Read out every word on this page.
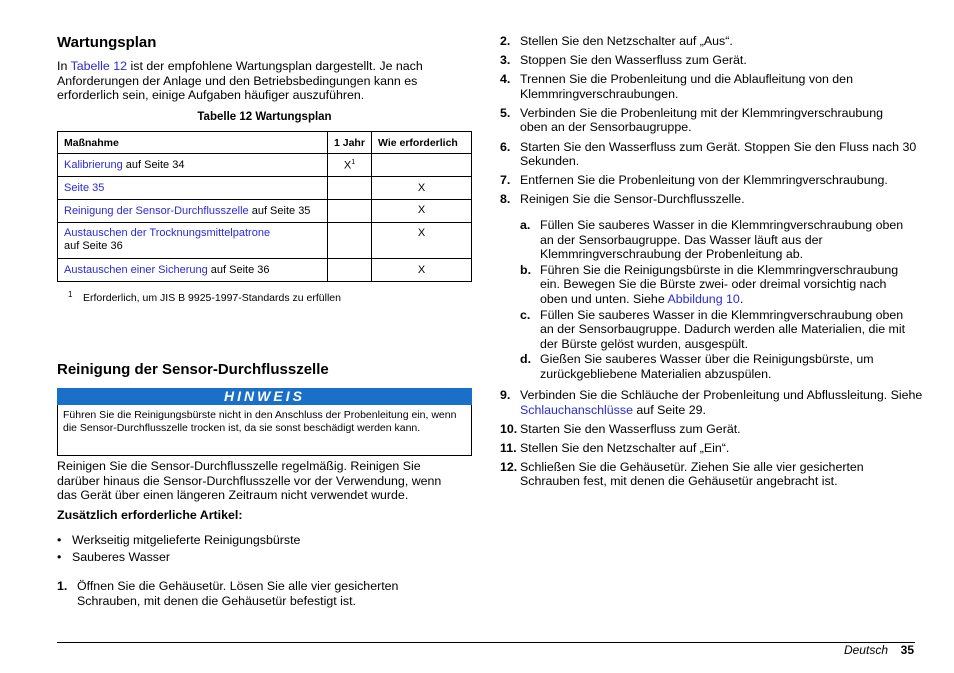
Wartungsplan
In Tabelle 12 ist der empfohlene Wartungsplan dargestellt. Je nach Anforderungen der Anlage und den Betriebsbedingungen kann es erforderlich sein, einige Aufgaben häufiger auszuführen.
Tabelle 12 Wartungsplan
Maßnahme	1 Jahr	Wie erforderlich
Kalibrierung auf Seite 34	$X^1$	
Seite 35		X
Reinigung der Sensor-Durchflusszelle auf Seite 35		X
Austauschen der Trocknungsmittelpatrone
auf Seite 36		X
Austauschen einer Sicherung auf Seite 36		X
1 Erforderlich, um JIS B 9925-1997-Standards zu erfüllen
Reinigung der Sensor-Durchflusszelle
HINWEIS
Führen Sie die Reinigungsbürste nicht in den Anschluss der Probenleitung ein, wenn die Sensor-Durchflusszelle trocken ist, da sie sonst beschädigt werden kann.
Reinigen Sie die Sensor-Durchflusszelle regelmäßig. Reinigen Sie darüber hinaus die Sensor-Durchflusszelle vor der Verwendung, wenn das Gerät über einen längeren Zeitraum nicht verwendet wurde.
Zusätzlich erforderliche Artikel:
• Werkseitig mitgelieferte Reinigungsbürste
• Sauberes Wasser
1. Öffnen Sie die Gehäusetür. Lösen Sie alle vier gesicherten Schrauben, mit denen die Gehäusetür befestigt ist.
2. Stellen Sie den Netzschalter auf „Aus“.
3. Stoppen Sie den Wasserfluss zum Gerät.
4. Trennen Sie die Probenleitung und die Ablaufleitung von den Klemmringverschraubungen.
5. Verbinden Sie die Probenleitung mit der Klemmringverschraubung oben an der Sensorbaugruppe.
6. Starten Sie den Wasserfluss zum Gerät. Stoppen Sie den Fluss nach 30 Sekunden.
7. Entfernen Sie die Probenleitung von der Klemmringverschraubung.
8. Reinigen Sie die Sensor-Durchflusszelle.
a. Füllen Sie sauberes Wasser in die Klemmringverschraubung oben an der Sensorbaugruppe. Das Wasser läuft aus der Klemmringverschraubung der Probenleitung ab.
b. Führen Sie die Reinigungsbürste in die Klemmringverschraubung ein. Bewegen Sie die Bürste zwei- oder dreimal vorsichtig nach oben und unten. Siehe Abbildung 10.
c. Füllen Sie sauberes Wasser in die Klemmringverschraubung oben an der Sensorbaugruppe. Dadurch werden alle Materialien, die mit der Bürste gelöst wurden, ausgespült.
d. Gießen Sie sauberes Wasser über die Reinigungsbürste, um zurückgebliebene Materialien abzuspülen.
9. Verbinden Sie die Schläuche der Probenleitung und Abflussleitung. Siehe Schlauchanschlüsse auf Seite 29.
10. Starten Sie den Wasserfluss zum Gerät.
11. Stellen Sie den Netzschalter auf „Ein“.
12. Schließen Sie die Gehäusetür. Ziehen Sie alle vier gesicherten Schrauben fest, mit denen die Gehäusetür angebracht ist.
Deutsch 35
